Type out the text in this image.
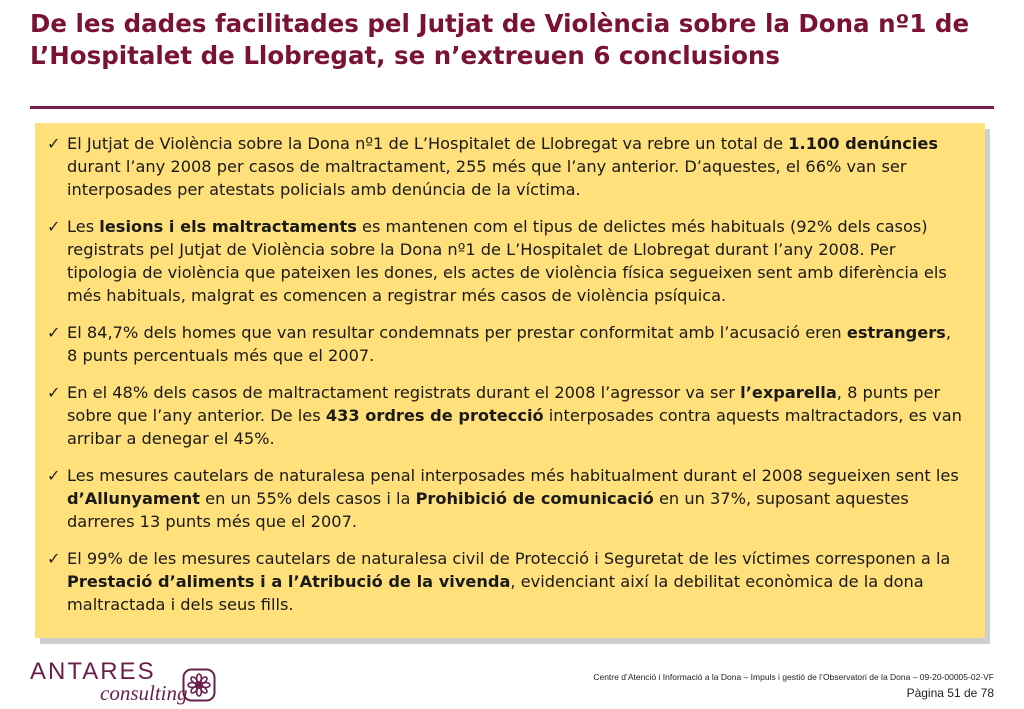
De les dades facilitades pel Jutjat de Violència sobre la Dona nº1 de L’Hospitalet de Llobregat, se n’extreuen 6 conclusions
✓ El Jutjat de Violència sobre la Dona nº1 de L’Hospitalet de Llobregat va rebre un total de 1.100 denúncies durant l’any 2008 per casos de maltractament, 255 més que l’any anterior. D’aquestes, el 66% van ser interposades per atestats policials amb denúncia de la víctima.
✓ Les lesions i els maltractaments es mantenen com el tipus de delictes més habituals (92% dels casos) registrats pel Jutjat de Violència sobre la Dona nº1 de L’Hospitalet de Llobregat durant l’any 2008. Per tipologia de violència que pateixen les dones, els actes de violència física segueixen sent amb diferència els més habituals, malgrat es comencen a registrar més casos de violència psíquica.
✓ El 84,7% dels homes que van resultar condemnats per prestar conformitat amb l’acusació eren estrangers, 8 punts percentuals més que el 2007.
✓ En el 48% dels casos de maltractament registrats durant el 2008 l’agressor va ser l’exparella, 8 punts per sobre que l’any anterior. De les 433 ordres de protecció interposades contra aquests maltractadors, es van arribar a denegar el 45%.
✓ Les mesures cautelars de naturalesa penal interposades més habitualment durant el 2008 segueixen sent les d’Allunyament en un 55% dels casos i la Prohibició de comunicació en un 37%, suposant aquestes darreres 13 punts més que el 2007.
✓ El 99% de les mesures cautelars de naturalesa civil de Protecció i Seguretat de les víctimes corresponen a la Prestació d’aliments i a l’Atribució de la vivenda, evidenciant així la debilitat econòmica de la dona maltractada i dels seus fills.
ANTARES
consulting
Centre d’Atenció i Informació a la Dona – Impuls i gestió de l’Observatori de la Dona – 09-20-00005-02-VF
Pàgina 51 de 78
